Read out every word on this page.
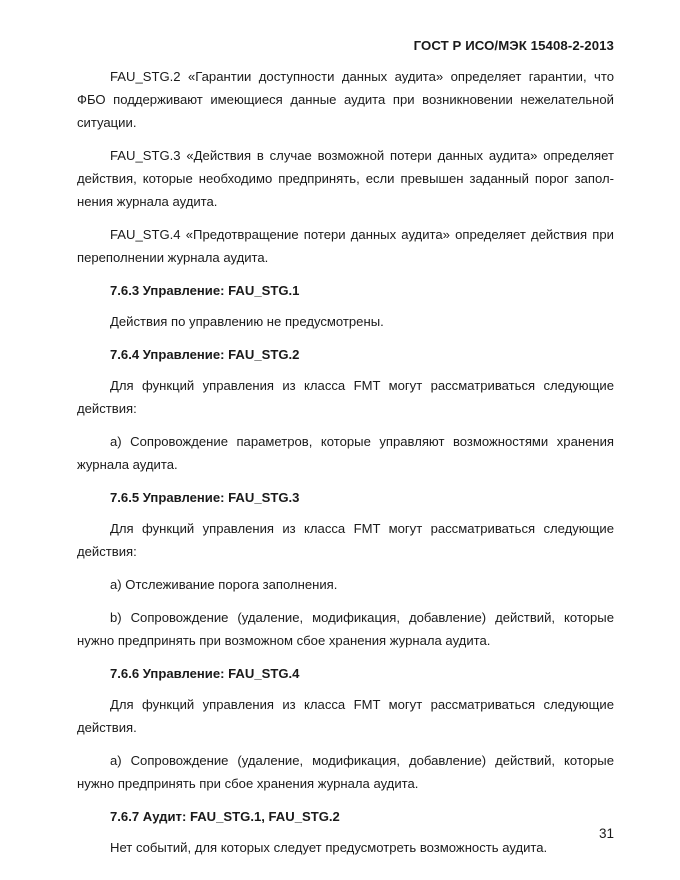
ГОСТ Р ИСО/МЭК 15408-2-2013

FAU_STG.2 «Гарантии доступности данных аудита» определяет гарантии, что ФБО поддерживают имеющиеся данные аудита при возникновении нежелательной ситуации.

FAU_STG.3 «Действия в случае возможной потери данных аудита» определяет действия, которые необходимо предпринять, если превышен заданный порог заполнения журнала аудита.

FAU_STG.4 «Предотвращение потери данных аудита» определяет действия при переполнении журнала аудита.

7.6.3 Управление: FAU_STG.1

Действия по управлению не предусмотрены.

7.6.4 Управление: FAU_STG.2

Для функций управления из класса FMT могут рассматриваться следующие действия:

а) Сопровождение параметров, которые управляют возможностями хранения журнала аудита.

7.6.5 Управление: FAU_STG.3

Для функций управления из класса FMT могут рассматриваться следующие действия:

а) Отслеживание порога заполнения.

b) Сопровождение (удаление, модификация, добавление) действий, которые нужно предпринять при возможном сбое хранения журнала аудита.

7.6.6 Управление: FAU_STG.4

Для функций управления из класса FMT могут рассматриваться следующие действия.

а) Сопровождение (удаление, модификация, добавление) действий, которые нужно предпринять при сбое хранения журнала аудита.

7.6.7 Аудит: FAU_STG.1, FAU_STG.2

Нет событий, для которых следует предусмотреть возможность аудита.

31
